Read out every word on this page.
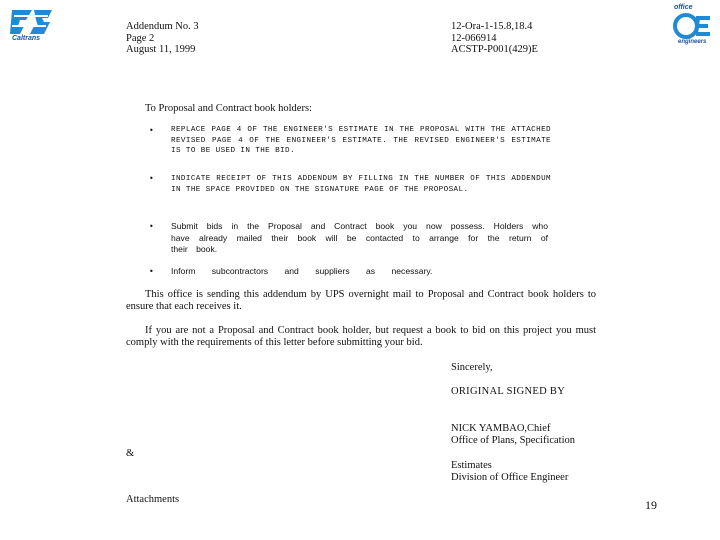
Caltrans
office
engineers
Addendum No. 3
Page 2
August 11, 1999
12-Ora-1-15.8,18.4
12-066914
ACSTP-P001(429)E
To Proposal and Contract book holders:
• REPLACE PAGE 4 OF THE ENGINEER'S ESTIMATE IN THE PROPOSAL WITH THE ATTACHED REVISED PAGE 4 OF THE ENGINEER'S ESTIMATE. THE REVISED ENGINEER'S ESTIMATE IS TO BE USED IN THE BID.
• INDICATE RECEIPT OF THIS ADDENDUM BY FILLING IN THE NUMBER OF THIS ADDENDUM IN THE SPACE PROVIDED ON THE SIGNATURE PAGE OF THE PROPOSAL.
• Submit bids in the Proposal and Contract book you now possess. Holders who have already mailed their book will be contacted to arrange for the return of their book.
• Inform subcontractors and suppliers as necessary.
This office is sending this addendum by UPS overnight mail to Proposal and Contract book holders to ensure that each receives it.
If you are not a Proposal and Contract book holder, but request a book to bid on this project you must comply with the requirements of this letter before submitting your bid.
Sincerely,
ORIGINAL SIGNED BY
NICK YAMBAO,Chief
Office of Plans, Specification
&
Estimates
Division of Office Engineer
Attachments	19
